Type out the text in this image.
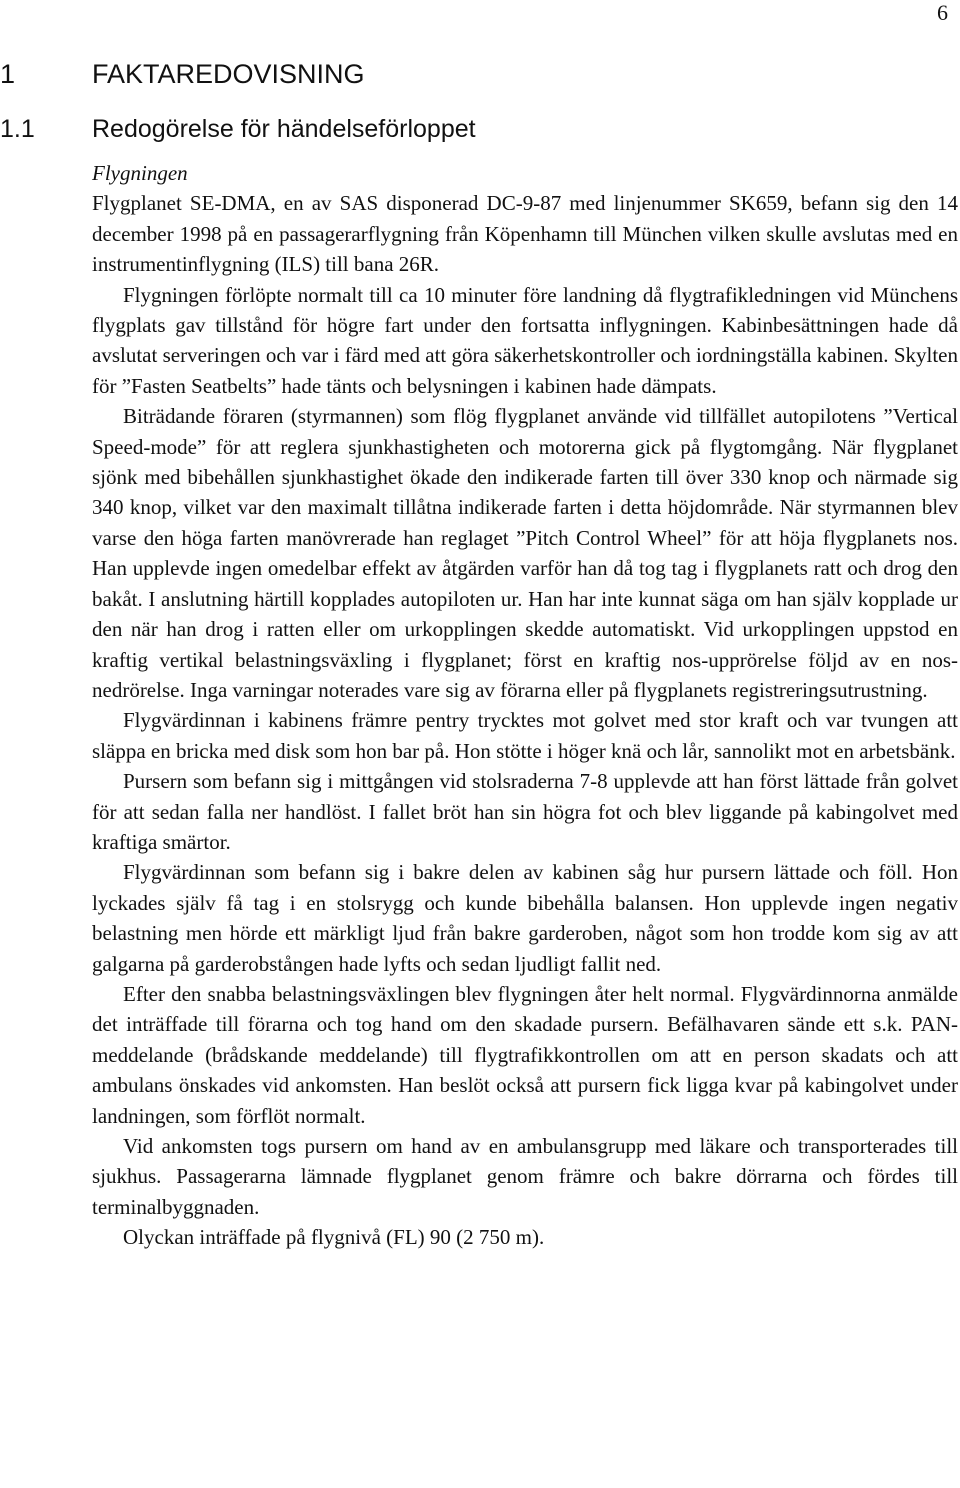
6
1	FAKTAREDOVISNING
1.1 Redogörelse för händelseförloppet

Flygningen

Flygplanet SE-DMA, en av SAS disponerad DC-9-87 med linjenummer SK659, befann sig den 14 december 1998 på en passagerarflygning från Köpenhamn till München vilken skulle avslutas med en instrumentinflygning (ILS) till bana 26R.

Flygningen förlöpte normalt till ca 10 minuter före landning då flygtrafikledningen vid Münchens flygplats gav tillstånd för högre fart under den fortsatta inflygningen. Kabinbesättningen hade då avslutat serveringen och var i färd med att göra säkerhetskontroller och iordningställa kabinen. Skylten för ”Fasten Seatbelts” hade tänts och belysningen i kabinen hade dämpats.

Biträdande föraren (styrmannen) som flög flygplanet använde vid tillfället autopilotens ”Vertical Speed-mode” för att reglera sjunkhastigheten och motorerna gick på flygtomgång. När flygplanet sjönk med bibehållen sjunkhastighet ökade den indikerade farten till över 330 knop och närmade sig 340 knop, vilket var den maximalt tillåtna indikerade farten i detta höjdområde. När styrmannen blev varse den höga farten manövrerade han reglaget ”Pitch Control Wheel” för att höja flygplanets nos. Han upplevde ingen omedelbar effekt av åtgärden varför han då tog tag i flygplanets ratt och drog den bakåt. I anslutning härtill kopplades autopiloten ur. Han har inte kunnat säga om han själv kopplade ur den när han drog i ratten eller om urkopplingen skedde automatiskt. Vid urkopplingen uppstod en kraftig vertikal belastningsväxling i flygplanet; först en kraftig nos-upprörelse följd av en nos-nedrörelse. Inga varningar noterades vare sig av förarna eller på flygplanets registreringsutrustning.

Flygvärdinnan i kabinens främre pentry trycktes mot golvet med stor kraft och var tvungen att släppa en bricka med disk som hon bar på. Hon stötte i höger knä och lår, sannolikt mot en arbetsbänk.

Pursern som befann sig i mittgången vid stolsraderna 7-8 upplevde att han först lättade från golvet för att sedan falla ner handlöst. I fallet bröt han sin högra fot och blev liggande på kabingolvet med kraftiga smärtor.

Flygvärdinnan som befann sig i bakre delen av kabinen såg hur pursern lättade och föll. Hon lyckades själv få tag i en stolsrygg och kunde bibehålla balansen. Hon upplevde ingen negativ belastning men hörde ett märkligt ljud från bakre garderoben, något som hon trodde kom sig av att galgarna på garderobstången hade lyfts och sedan ljudligt fallit ned.

Efter den snabba belastningsväxlingen blev flygningen åter helt normal. Flygvärdinnorna anmälde det inträffade till förarna och tog hand om den skadade pursern. Befälhavaren sände ett s.k. PAN-meddelande (brådskande meddelande) till flygtrafikkontrollen om att en person skadats och att ambulans önskades vid ankomsten. Han beslöt också att pursern fick ligga kvar på kabingolvet under landningen, som förflöt normalt.

Vid ankomsten togs pursern om hand av en ambulansgrupp med läkare och transporterades till sjukhus. Passagerarna lämnade flygplanet genom främre och bakre dörrarna och fördes till terminalbyggnaden.

Olyckan inträffade på flygnivå (FL) 90 (2 750 m).
